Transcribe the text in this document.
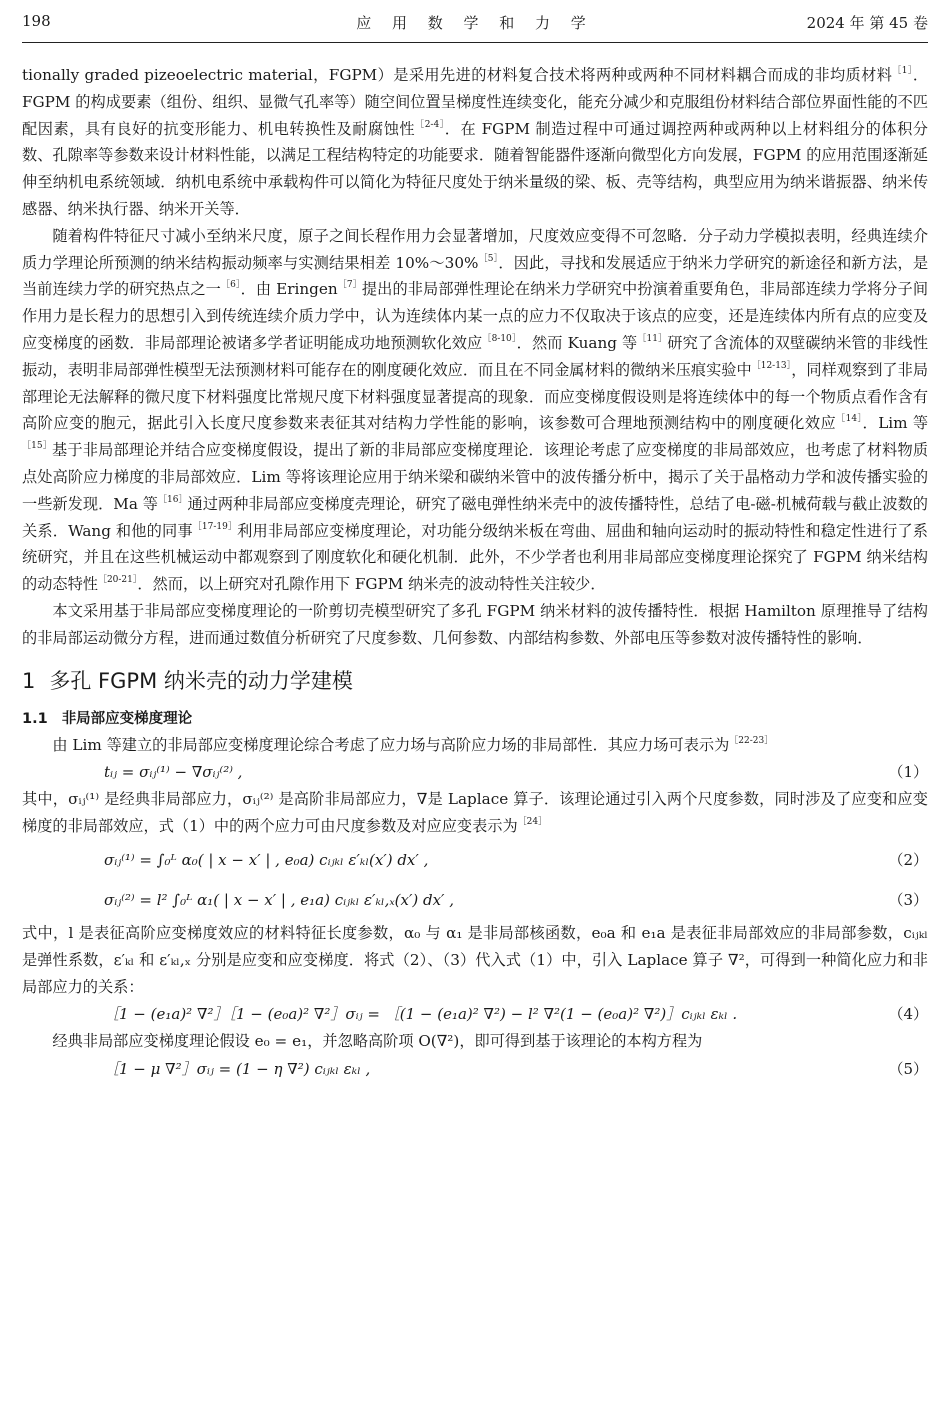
198	应 用 数 学 和 力 学	2024 年 第 45 卷

tionally graded pizeoelectric material，FGPM）是采用先进的材料复合技术将两种或两种不同材料耦合而成的非均质材料$^{[1]}$．FGPM 的构成要素（组份、组织、显微气孔率等）随空间位置呈梯度性连续变化，能充分减少和克服组份材料结合部位界面性能的不匹配因素，具有良好的抗变形能力、机电转换性及耐腐蚀性$^{[2-4]}$．在 FGPM 制造过程中可通过调控两种或两种以上材料组分的体积分数、孔隙率等参数来设计材料性能，以满足工程结构特定的功能要求．随着智能器件逐渐向微型化方向发展，FGPM 的应用范围逐渐延伸至纳机电系统领域．纳机电系统中承载构件可以简化为特征尺度处于纳米量级的梁、板、壳等结构，典型应用为纳米谐振器、纳米传感器、纳米执行器、纳米开关等．

随着构件特征尺寸减小至纳米尺度，原子之间长程作用力会显著增加，尺度效应变得不可忽略．分子动力学模拟表明，经典连续介质力学理论所预测的纳米结构振动频率与实测结果相差 10%～30%$^{[5]}$．因此，寻找和发展适应于纳米力学研究的新途径和新方法，是当前连续力学的研究热点之一$^{[6]}$．由 Eringen$^{[7]}$提出的非局部弹性理论在纳米力学研究中扮演着重要角色，非局部连续力学将分子间作用力是长程力的思想引入到传统连续介质力学中，认为连续体内某一点的应力不仅取决于该点的应变，还是连续体内所有点的应变及应变梯度的函数．非局部理论被诸多学者证明能成功地预测软化效应$^{[8-10]}$．然而 Kuang 等$^{[11]}$研究了含流体的双壁碳纳米管的非线性振动，表明非局部弹性模型无法预测材料可能存在的刚度硬化效应．而且在不同金属材料的微纳米压痕实验中$^{[12-13]}$，同样观察到了非局部理论无法解释的微尺度下材料强度比常规尺度下材料强度显著提高的现象．而应变梯度假设则是将连续体中的每一个物质点看作含有高阶应变的胞元，据此引入长度尺度参数来表征其对结构力学性能的影响，该参数可合理地预测结构中的刚度硬化效应$^{[14]}$．Lim 等$^{[15]}$基于非局部理论并结合应变梯度假设，提出了新的非局部应变梯度理论．该理论考虑了应变梯度的非局部效应，也考虑了材料物质点处高阶应力梯度的非局部效应．Lim 等将该理论应用于纳米梁和碳纳米管中的波传播分析中，揭示了关于晶格动力学和波传播实验的一些新发现．Ma 等$^{[16]}$通过两种非局部应变梯度壳理论，研究了磁电弹性纳米壳中的波传播特性，总结了电-磁-机械荷载与截止波数的关系．Wang 和他的同事$^{[17-19]}$利用非局部应变梯度理论，对功能分级纳米板在弯曲、屈曲和轴向运动时的振动特性和稳定性进行了系统研究，并且在这些机械运动中都观察到了刚度软化和硬化机制．此外，不少学者也利用非局部应变梯度理论探究了 FGPM 纳米结构的动态特性$^{[20-21]}$．然而，以上研究对孔隙作用下 FGPM 纳米壳的波动特性关注较少．

本文采用基于非局部应变梯度理论的一阶剪切壳模型研究了多孔 FGPM 纳米材料的波传播特性．根据 Hamilton 原理推导了结构的非局部运动微分方程，进而通过数值分析研究了尺度参数、几何参数、内部结构参数、外部电压等参数对波传播特性的影响．

1 多孔 FGPM 纳米壳的动力学建模
1.1 非局部应变梯度理论

由 Lim 等建立的非局部应变梯度理论综合考虑了应力场与高阶应力场的非局部性．其应力场可表示为$^{[22-23]}$

tᵢⱼ = σᵢⱼ⁽¹⁾ − ∇σᵢⱼ⁽²⁾ ,	（1）

其中，σᵢⱼ⁽¹⁾ 是经典非局部应力，σᵢⱼ⁽²⁾ 是高阶非局部应力，∇是 Laplace 算子．该理论通过引入两个尺度参数，同时涉及了应变和应变梯度的非局部效应，式（1）中的两个应力可由尺度参数及对应应变表示为$^{[24]}$

σᵢⱼ⁽¹⁾ = ∫₀ᴸ α₀( | x − x′ | , e₀a) cᵢⱼₖₗ ε′ₖₗ(x′) dx′ ,	（2）
σᵢⱼ⁽²⁾ = l² ∫₀ᴸ α₁( | x − x′ | , e₁a) cᵢⱼₖₗ ε′ₖₗ,ₓ(x′) dx′ ,	（3）

式中，l 是表征高阶应变梯度效应的材料特征长度参数，α₀ 与 α₁ 是非局部核函数，e₀a 和 e₁a 是表征非局部效应的非局部参数，cᵢⱼₖₗ 是弹性系数，ε′ₖₗ 和 ε′ₖₗ,ₓ 分别是应变和应变梯度．将式（2）、（3）代入式（1）中，引入 Laplace 算子 ∇²，可得到一种简化应力和非局部应力的关系：

［1 − (e₁a)² ∇²］［1 − (e₀a)² ∇²］σᵢⱼ = ［(1 − (e₁a)² ∇²) − l² ∇²(1 − (e₀a)² ∇²)］cᵢⱼₖₗ εₖₗ .	（4）

经典非局部应变梯度理论假设 e₀ = e₁，并忽略高阶项 O(∇²)，即可得到基于该理论的本构方程为

［1 − μ ∇²］σᵢⱼ = (1 − η ∇²) cᵢⱼₖₗ εₖₗ ,	（5）
